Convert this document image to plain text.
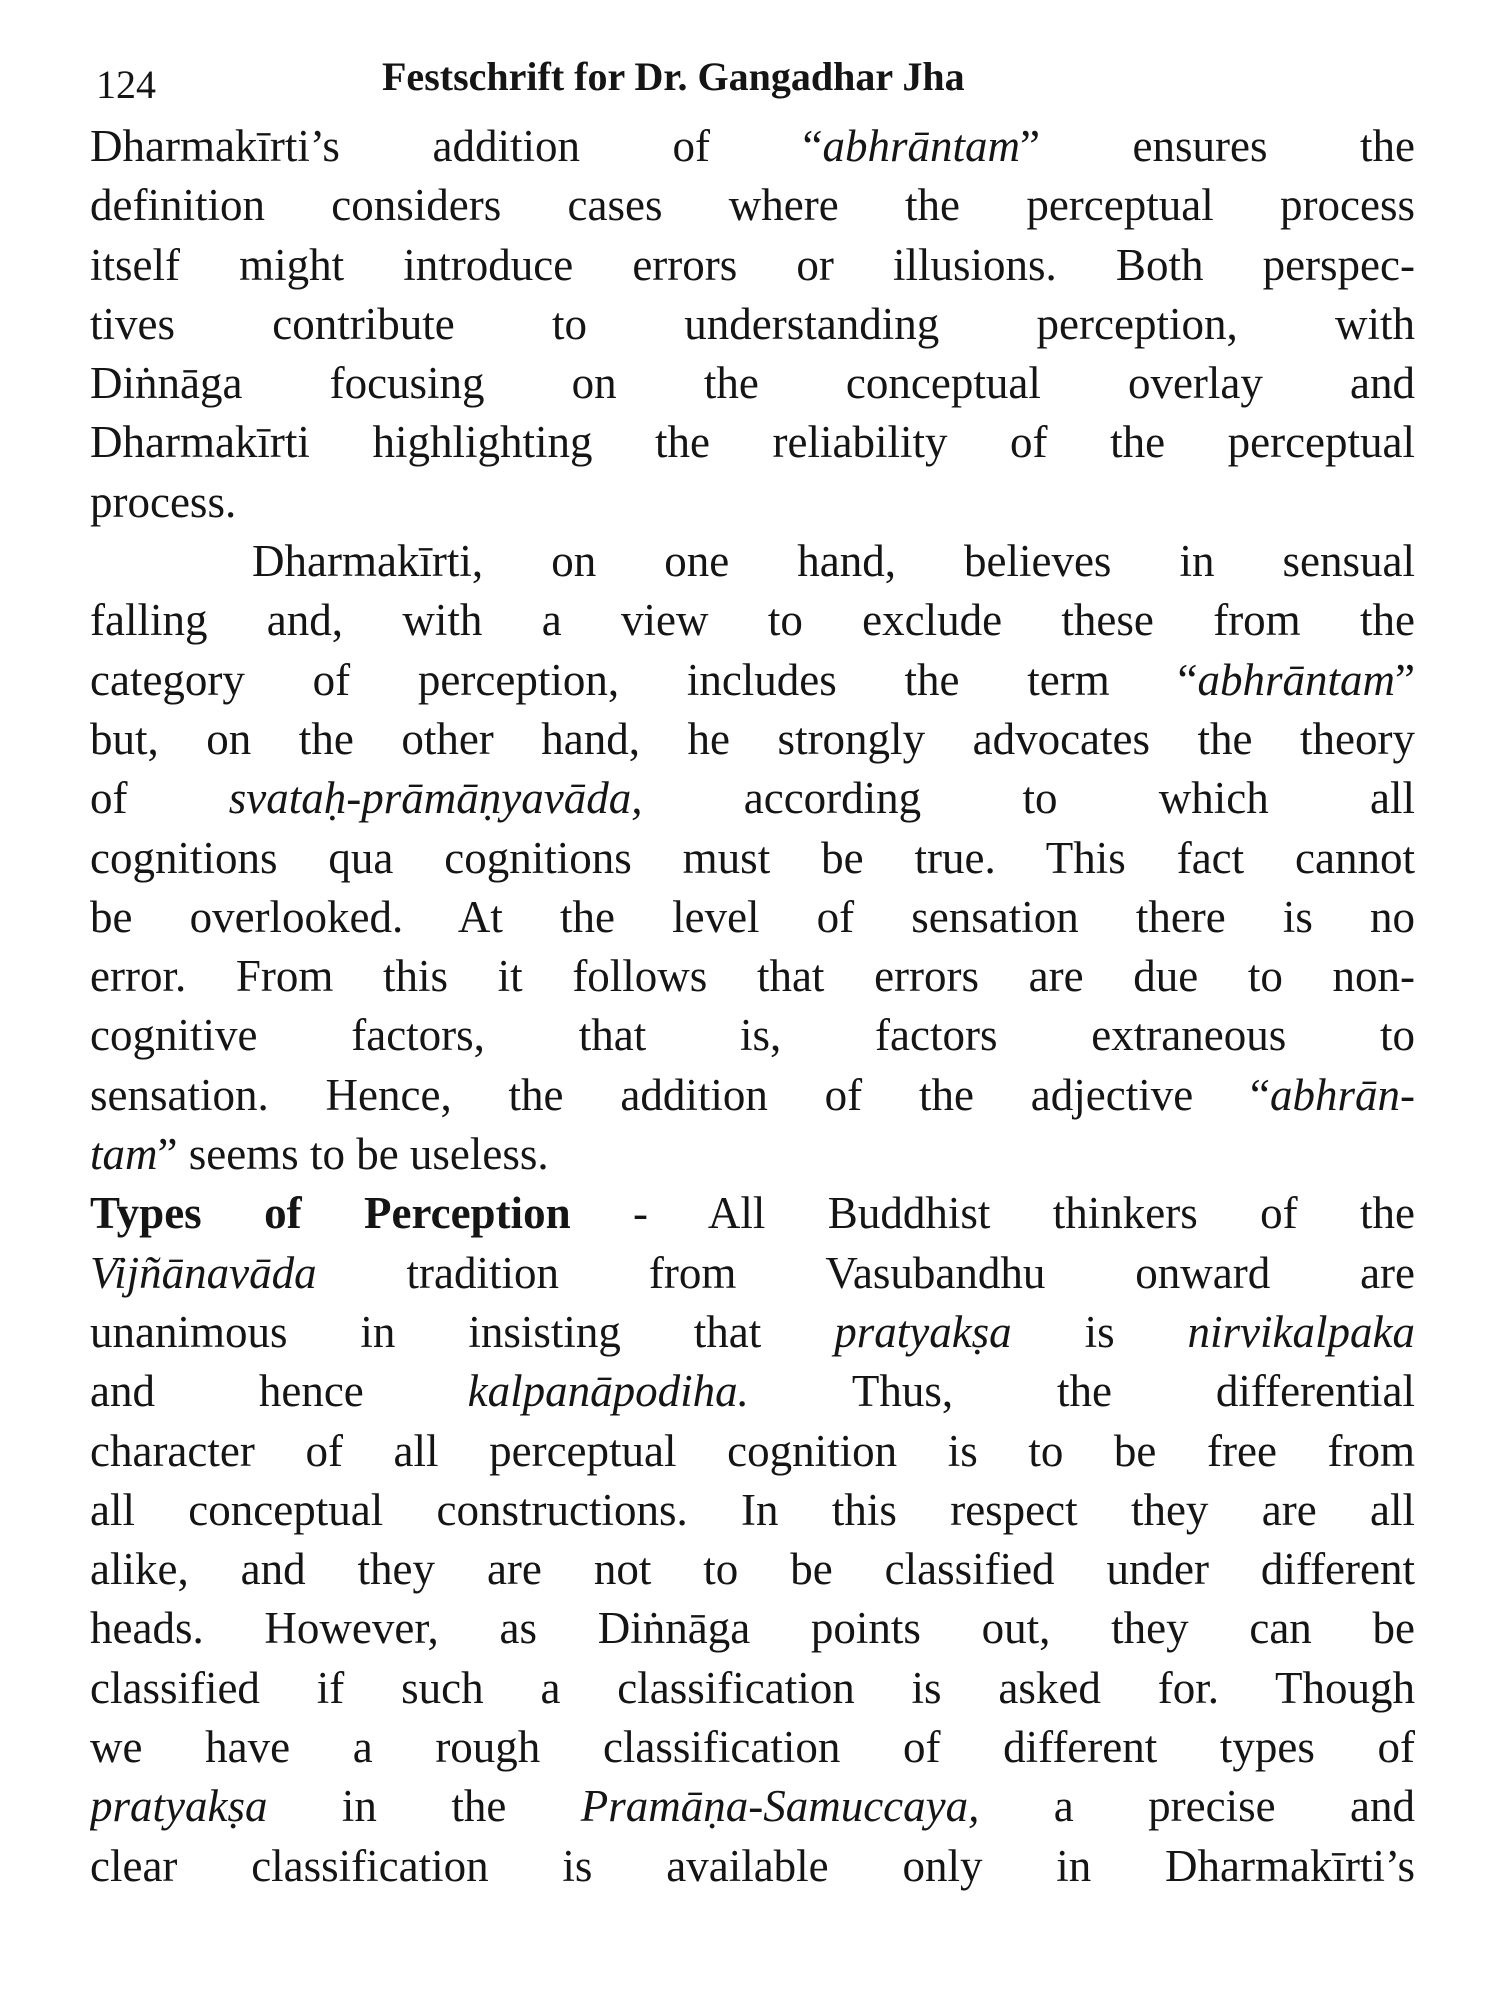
124	Festschrift for Dr. Gangadhar Jha
Dharmakīrti’s addition of “abhrāntam” ensures the
definition considers cases where the perceptual process
itself might introduce errors or illusions. Both perspec-
tives contribute to understanding perception, with
Diṅnāga focusing on the conceptual overlay and
Dharmakīrti highlighting the reliability of the perceptual
process.
Dharmakīrti, on one hand, believes in sensual
falling and, with a view to exclude these from the
category of perception, includes the term “abhrāntam”
but, on the other hand, he strongly advocates the theory
of svataḥ-prāmāṇyavāda, according to which all
cognitions qua cognitions must be true. This fact cannot
be overlooked. At the level of sensation there is no
error. From this it follows that errors are due to non-
cognitive factors, that is, factors extraneous to
sensation. Hence, the addition of the adjective “abhrān-
tam” seems to be useless.
Types of Perception - All Buddhist thinkers of the
Vijñānavāda tradition from Vasubandhu onward are
unanimous in insisting that pratyakṣa is nirvikalpaka
and hence kalpanāpodiha. Thus, the differential
character of all perceptual cognition is to be free from
all conceptual constructions. In this respect they are all
alike, and they are not to be classified under different
heads. However, as Diṅnāga points out, they can be
classified if such a classification is asked for. Though
we have a rough classification of different types of
pratyakṣa in the Pramāṇa-Samuccaya, a precise and
clear classification is available only in Dharmakīrti’s
